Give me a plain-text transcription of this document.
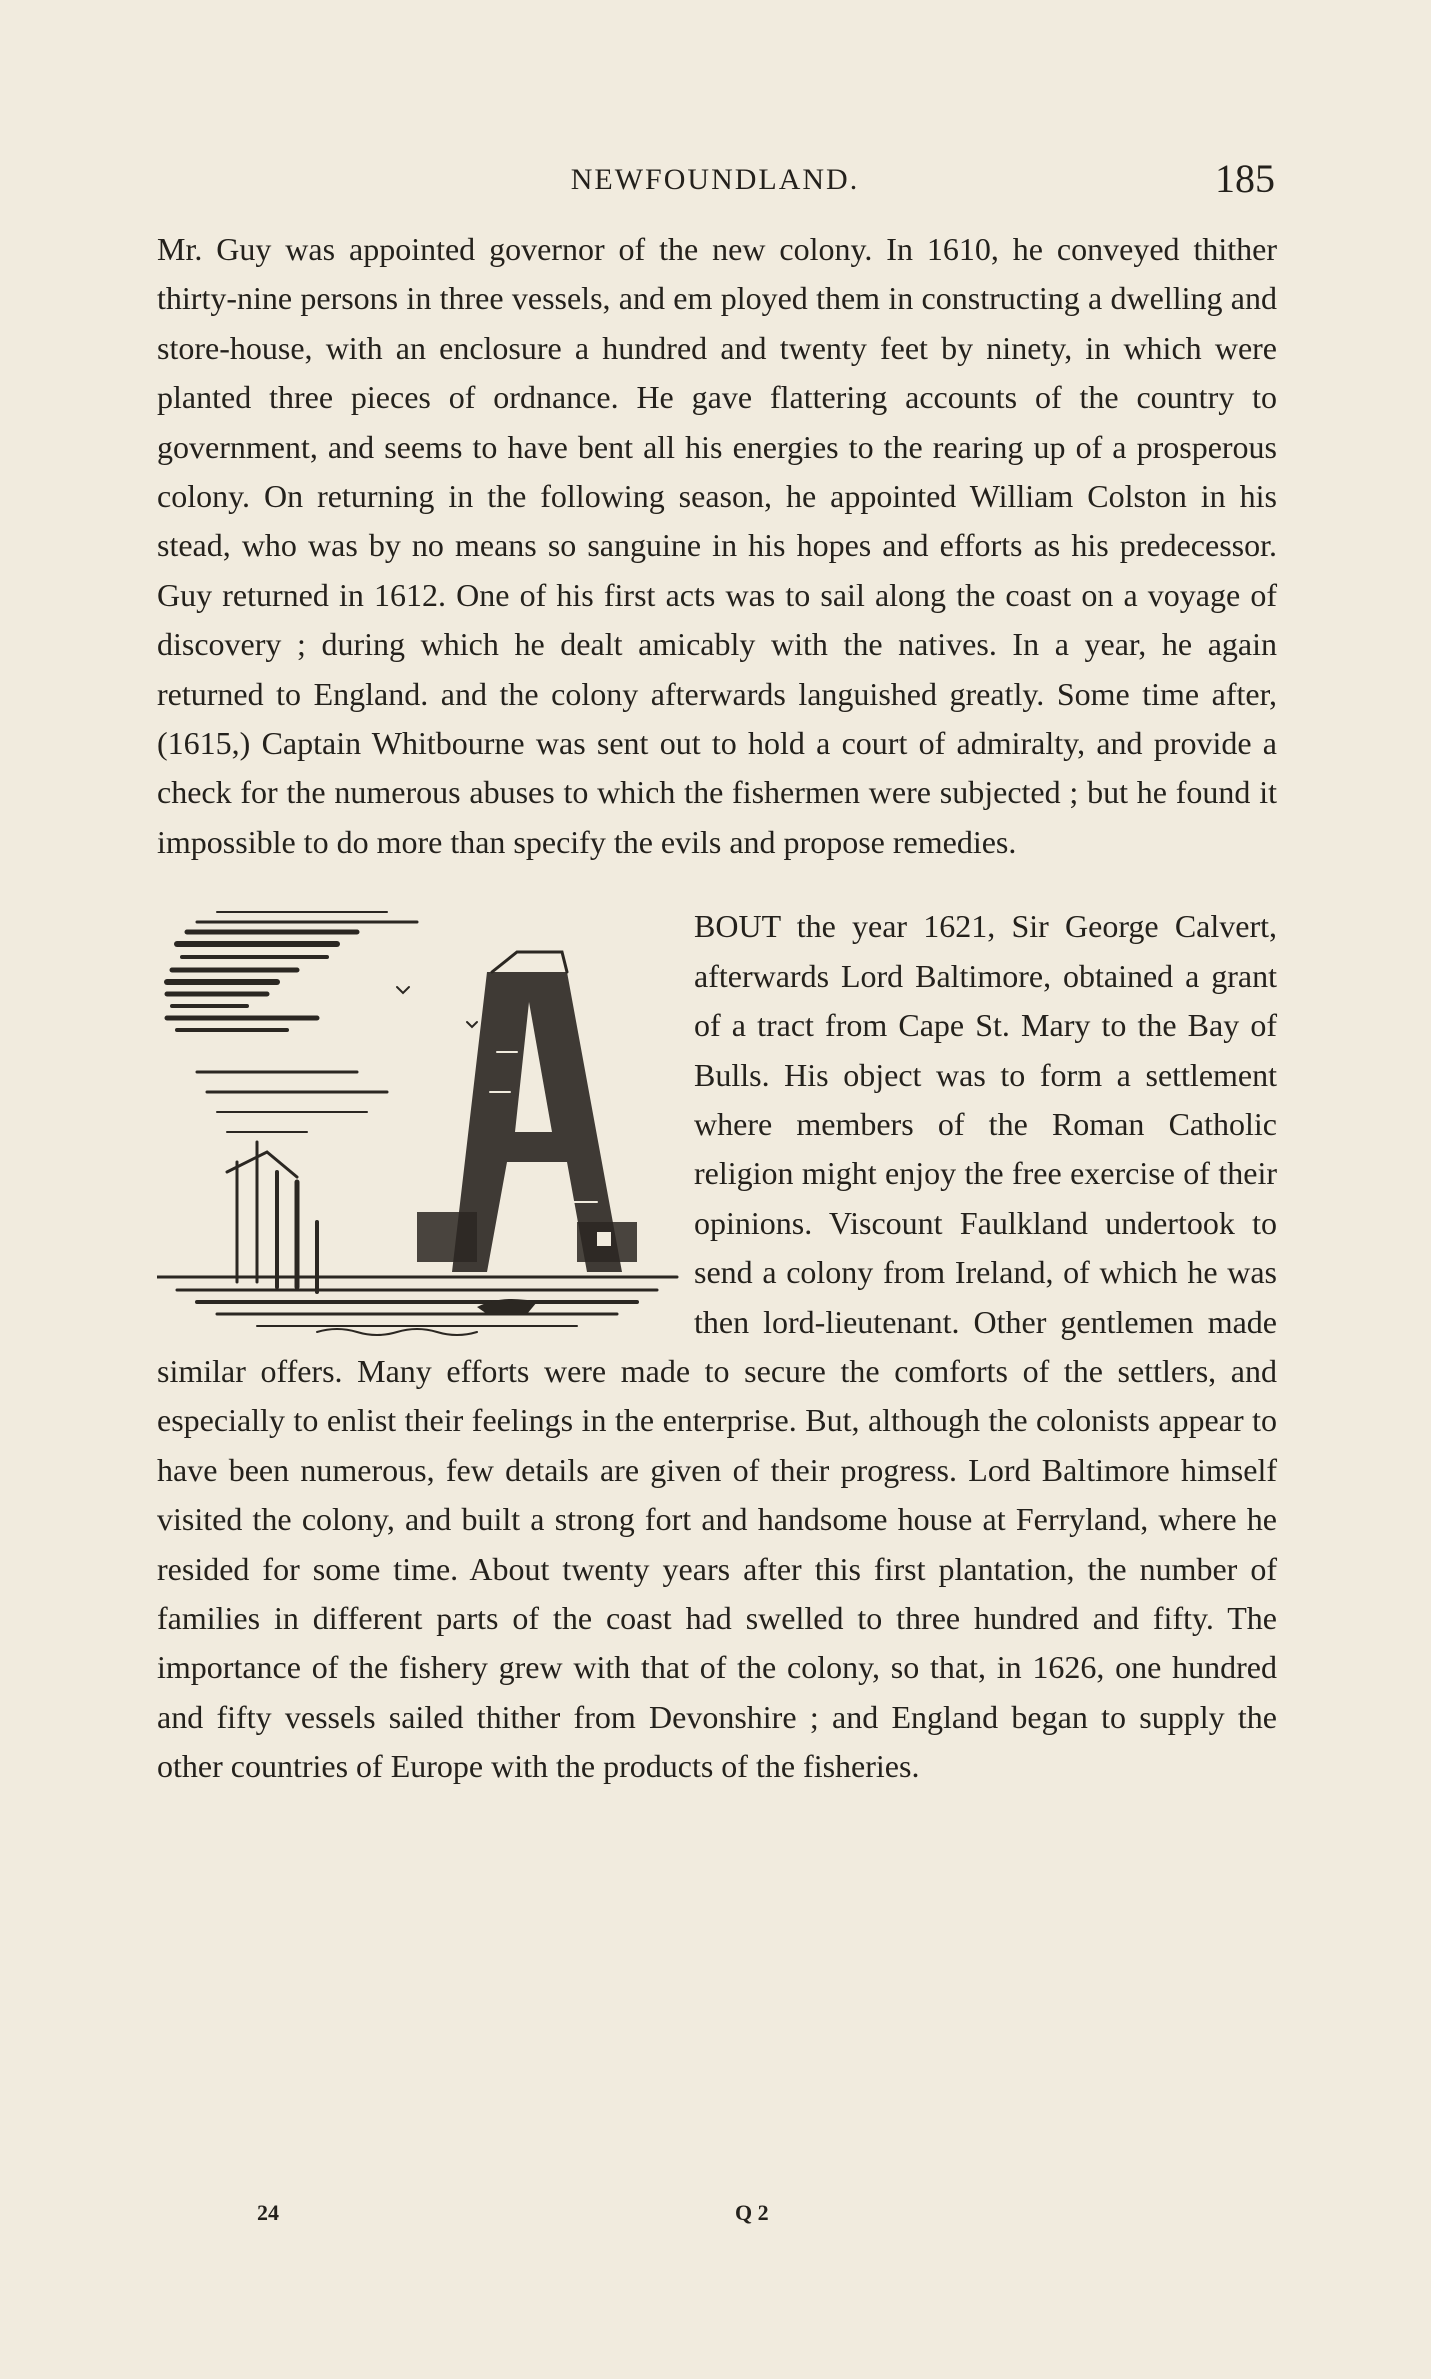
NEWFOUNDLAND.	185

Mr. Guy was appointed governor of the new colony. In 1610, he conveyed thither thirty-nine persons in three vessels, and em ployed them in constructing a dwelling and store-house, with an enclosure a hundred and twenty feet by ninety, in which were planted three pieces of ordnance. He gave flattering accounts of the country to government, and seems to have bent all his energies to the rearing up of a prosperous colony. On returning in the following season, he appointed William Colston in his stead, who was by no means so sanguine in his hopes and efforts as his predecessor. Guy returned in 1612. One of his first acts was to sail along the coast on a voyage of discovery ; during which he dealt amicably with the natives. In a year, he again returned to England. and the colony afterwards languished greatly. Some time after, (1615,) Captain Whitbourne was sent out to hold a court of admiralty, and provide a check for the numerous abuses to which the fishermen were subjected ; but he found it impossible to do more than specify the evils and propose remedies.

BOUT the year 1621, Sir George Calvert, afterwards Lord Baltimore, obtained a grant of a tract from Cape St. Mary to the Bay of Bulls. His object was to form a settlement where members of the Roman Catholic religion might enjoy the free exercise of their opinions. Viscount Faulkland undertook to send a colony from Ireland, of which he was then lord-lieutenant. Other gentlemen made similar offers. Many efforts were made to secure the comforts of the settlers, and especially to enlist their feelings in the enterprise. But, although the colonists appear to have been numerous, few details are given of their progress. Lord Baltimore himself visited the colony, and built a strong fort and handsome house at Ferryland, where he resided for some time. About twenty years after this first plantation, the number of families in different parts of the coast had swelled to three hundred and fifty. The importance of the fishery grew with that of the colony, so that, in 1626, one hundred and fifty vessels sailed thither from Devonshire ; and England began to supply the other countries of Europe with the products of the fisheries.

24	Q 2
